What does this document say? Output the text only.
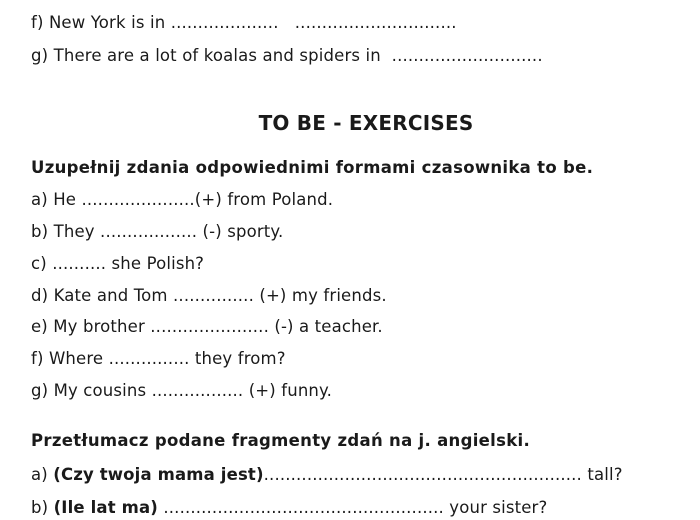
f) New York is in ....................   ..............................
g) There are a lot of koalas and spiders in  ............................
TO BE - EXERCISES
Uzupełnij zdania odpowiednimi formami czasownika to be.
a) He .....................(+) from Poland.
b) They .................. (-) sporty.
c) .......... she Polish?
d) Kate and Tom ............... (+) my friends.
e) My brother ...................... (-) a teacher.
f) Where ............... they from?
g) My cousins ................. (+) funny.
Przetłumacz podane fragmenty zdań na j. angielski.
a) (Czy twoja mama jest)........................................................... tall?
b) (Ile lat ma) .................................................... your sister?
